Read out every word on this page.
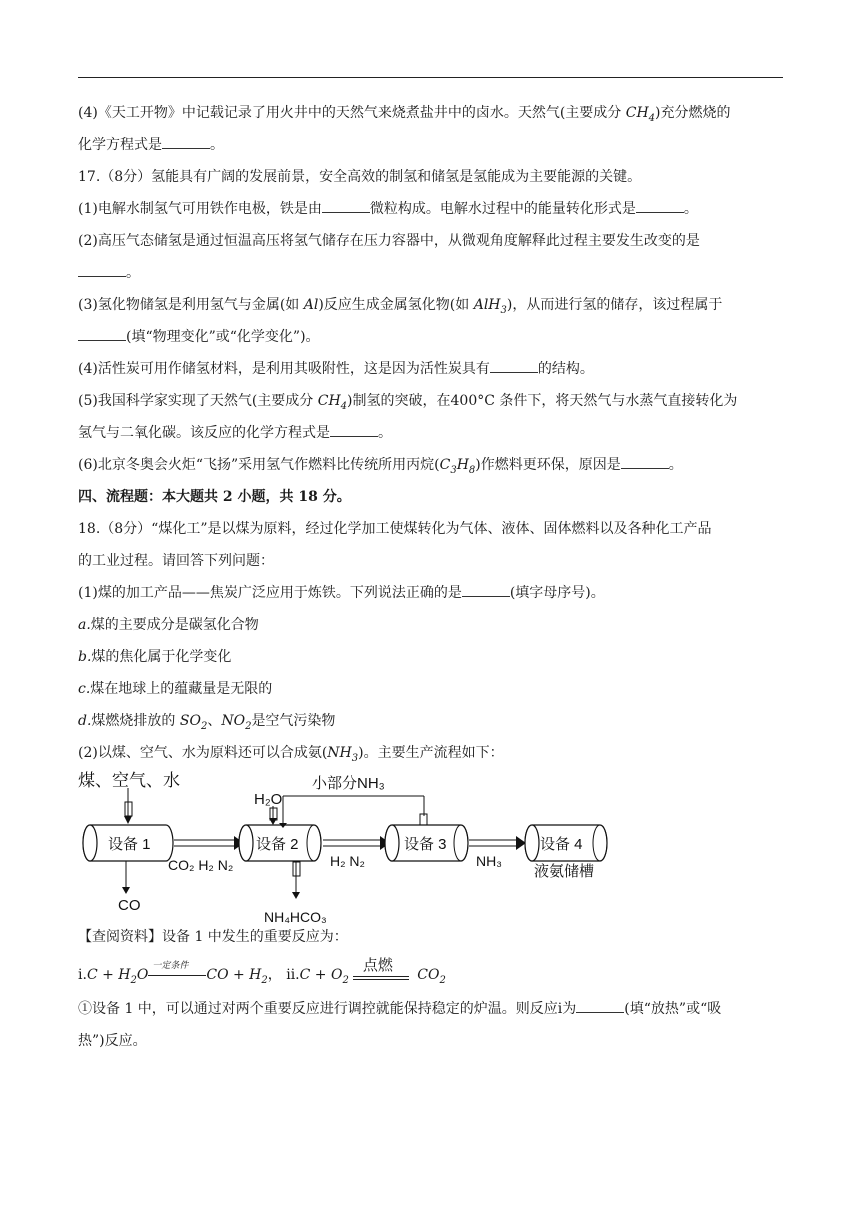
(4)《天工开物》中记载记录了用火井中的天然气来烧煮盐井中的卤水。天然气(主要成分 $CH_4$)充分燃烧的

化学方程式是	。

17.（8分）氢能具有广阔的发展前景，安全高效的制氢和储氢是氢能成为主要能源的关键。

(1)电解水制氢气可用铁作电极，铁是由	微粒构成。电解水过程中的能量转化形式是	。

(2)高压气态储氢是通过恒温高压将氢气储存在压力容器中，从微观角度解释此过程主要发生改变的是

。

(3)氢化物储氢是利用氢气与金属(如 Al)反应生成金属氢化物(如 AlH$_3$)，从而进行氢的储存，该过程属于

(填“物理变化”或“化学变化”)。

(4)活性炭可用作储氢材料，是利用其吸附性，这是因为活性炭具有	的结构。

(5)我国科学家实现了天然气(主要成分 $CH_4$)制氢的突破，在400°C 条件下，将天然气与水蒸气直接转化为

氢气与二氧化碳。该反应的化学方程式是	。

(6)北京冬奥会火炬“飞扬”采用氢气作燃料比传统所用丙烷$(C_3H_8)$作燃料更环保，原因是	。

四、流程题：本大题共 2 小题，共 18 分。

18.（8分）“煤化工”是以煤为原料，经过化学加工使煤转化为气体、液体、固体燃料以及各种化工产品

的工业过程。请回答下列问题：

(1)煤的加工产品——焦炭广泛应用于炼铁。下列说法正确的是	(填字母序号)。

a.煤的主要成分是碳氢化合物

b.煤的焦化属于化学变化

c.煤在地球上的蕴藏量是无限的

d.煤燃烧排放的 $SO_2$、$NO_2$是空气污染物

(2)以煤、空气、水为原料还可以合成氨$(NH_3)$。主要生产流程如下：

煤、空气、水
设备 1
CO
CO₂ H₂ N₂
H₂O
设备 2
小部分NH₃
NH₄HCO₃
H₂ N₂
设备 3
NH₃
设备 4
液氨储槽

【查阅资料】设备 1 中发生的重要反应为：

ⅰ.C + $H_2O$
一定条件
CO + $H_2$， ⅱ.C + $O_2$
点燃
$CO_2$

①设备 1 中，可以通过对两个重要反应进行调控就能保持稳定的炉温。则反应ⅰ为	(填“放热”或“吸

热”)反应。
